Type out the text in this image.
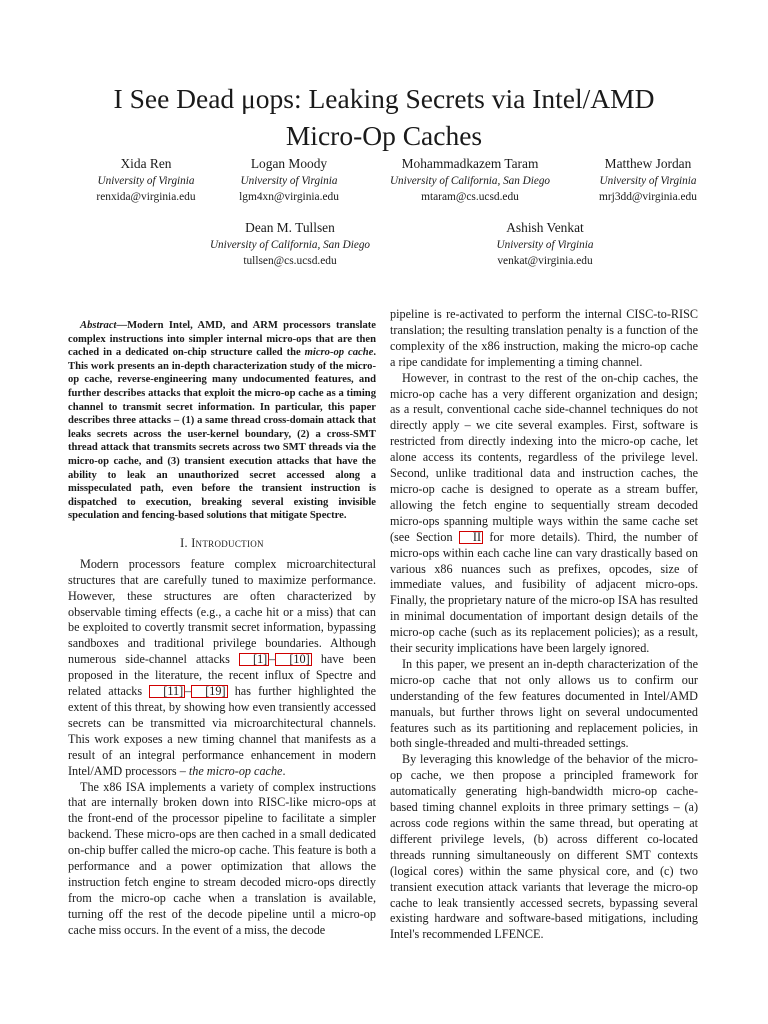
I See Dead μops: Leaking Secrets via Intel/AMD
Micro-Op Caches
Xida Ren
University of Virginia
renxida@virginia.edu
Logan Moody
University of Virginia
lgm4xn@virginia.edu
Mohammadkazem Taram
University of California, San Diego
mtaram@cs.ucsd.edu
Matthew Jordan
University of Virginia
mrj3dd@virginia.edu
Dean M. Tullsen
University of California, San Diego
tullsen@cs.ucsd.edu
Ashish Venkat
University of Virginia
venkat@virginia.edu

Abstract—Modern Intel, AMD, and ARM processors translate complex instructions into simpler internal micro-ops that are then cached in a dedicated on-chip structure called the micro-op cache. This work presents an in-depth characterization study of the micro-op cache, reverse-engineering many undocumented features, and further describes attacks that exploit the micro-op cache as a timing channel to transmit secret information. In particular, this paper describes three attacks – (1) a same thread cross-domain attack that leaks secrets across the user-kernel boundary, (2) a cross-SMT thread attack that transmits secrets across two SMT threads via the micro-op cache, and (3) transient execution attacks that have the ability to leak an unauthorized secret accessed along a misspeculated path, even before the transient instruction is dispatched to execution, breaking several existing invisible speculation and fencing-based solutions that mitigate Spectre.

I. Introduction

Modern processors feature complex microarchitectural structures that are carefully tuned to maximize performance. However, these structures are often characterized by observable timing effects (e.g., a cache hit or a miss) that can be exploited to covertly transmit secret information, bypassing sandboxes and traditional privilege boundaries. Although numerous side-channel attacks [1] – [10] have been proposed in the literature, the recent influx of Spectre and related attacks [11] – [19] has further highlighted the extent of this threat, by showing how even transiently accessed secrets can be transmitted via microarchitectural channels. This work exposes a new timing channel that manifests as a result of an integral performance enhancement in modern Intel/AMD processors – the micro-op cache.

The x86 ISA implements a variety of complex instructions that are internally broken down into RISC-like micro-ops at the front-end of the processor pipeline to facilitate a simpler backend. These micro-ops are then cached in a small dedicated on-chip buffer called the micro-op cache. This feature is both a performance and a power optimization that allows the instruction fetch engine to stream decoded micro-ops directly from the micro-op cache when a translation is available, turning off the rest of the decode pipeline until a micro-op cache miss occurs. In the event of a miss, the decode

pipeline is re-activated to perform the internal CISC-to-RISC translation; the resulting translation penalty is a function of the complexity of the x86 instruction, making the micro-op cache a ripe candidate for implementing a timing channel.

However, in contrast to the rest of the on-chip caches, the micro-op cache has a very different organization and design; as a result, conventional cache side-channel techniques do not directly apply – we cite several examples. First, software is restricted from directly indexing into the micro-op cache, let alone access its contents, regardless of the privilege level. Second, unlike traditional data and instruction caches, the micro-op cache is designed to operate as a stream buffer, allowing the fetch engine to sequentially stream decoded micro-ops spanning multiple ways within the same cache set (see Section II for more details). Third, the number of micro-ops within each cache line can vary drastically based on various x86 nuances such as prefixes, opcodes, size of immediate values, and fusibility of adjacent micro-ops. Finally, the proprietary nature of the micro-op ISA has resulted in minimal documentation of important design details of the micro-op cache (such as its replacement policies); as a result, their security implications have been largely ignored.

In this paper, we present an in-depth characterization of the micro-op cache that not only allows us to confirm our understanding of the few features documented in Intel/AMD manuals, but further throws light on several undocumented features such as its partitioning and replacement policies, in both single-threaded and multi-threaded settings.

By leveraging this knowledge of the behavior of the micro-op cache, we then propose a principled framework for automatically generating high-bandwidth micro-op cache-based timing channel exploits in three primary settings – (a) across code regions within the same thread, but operating at different privilege levels, (b) across different co-located threads running simultaneously on different SMT contexts (logical cores) within the same physical core, and (c) two transient execution attack variants that leverage the micro-op cache to leak transiently accessed secrets, bypassing several existing hardware and software-based mitigations, including Intel's recommended LFENCE.
